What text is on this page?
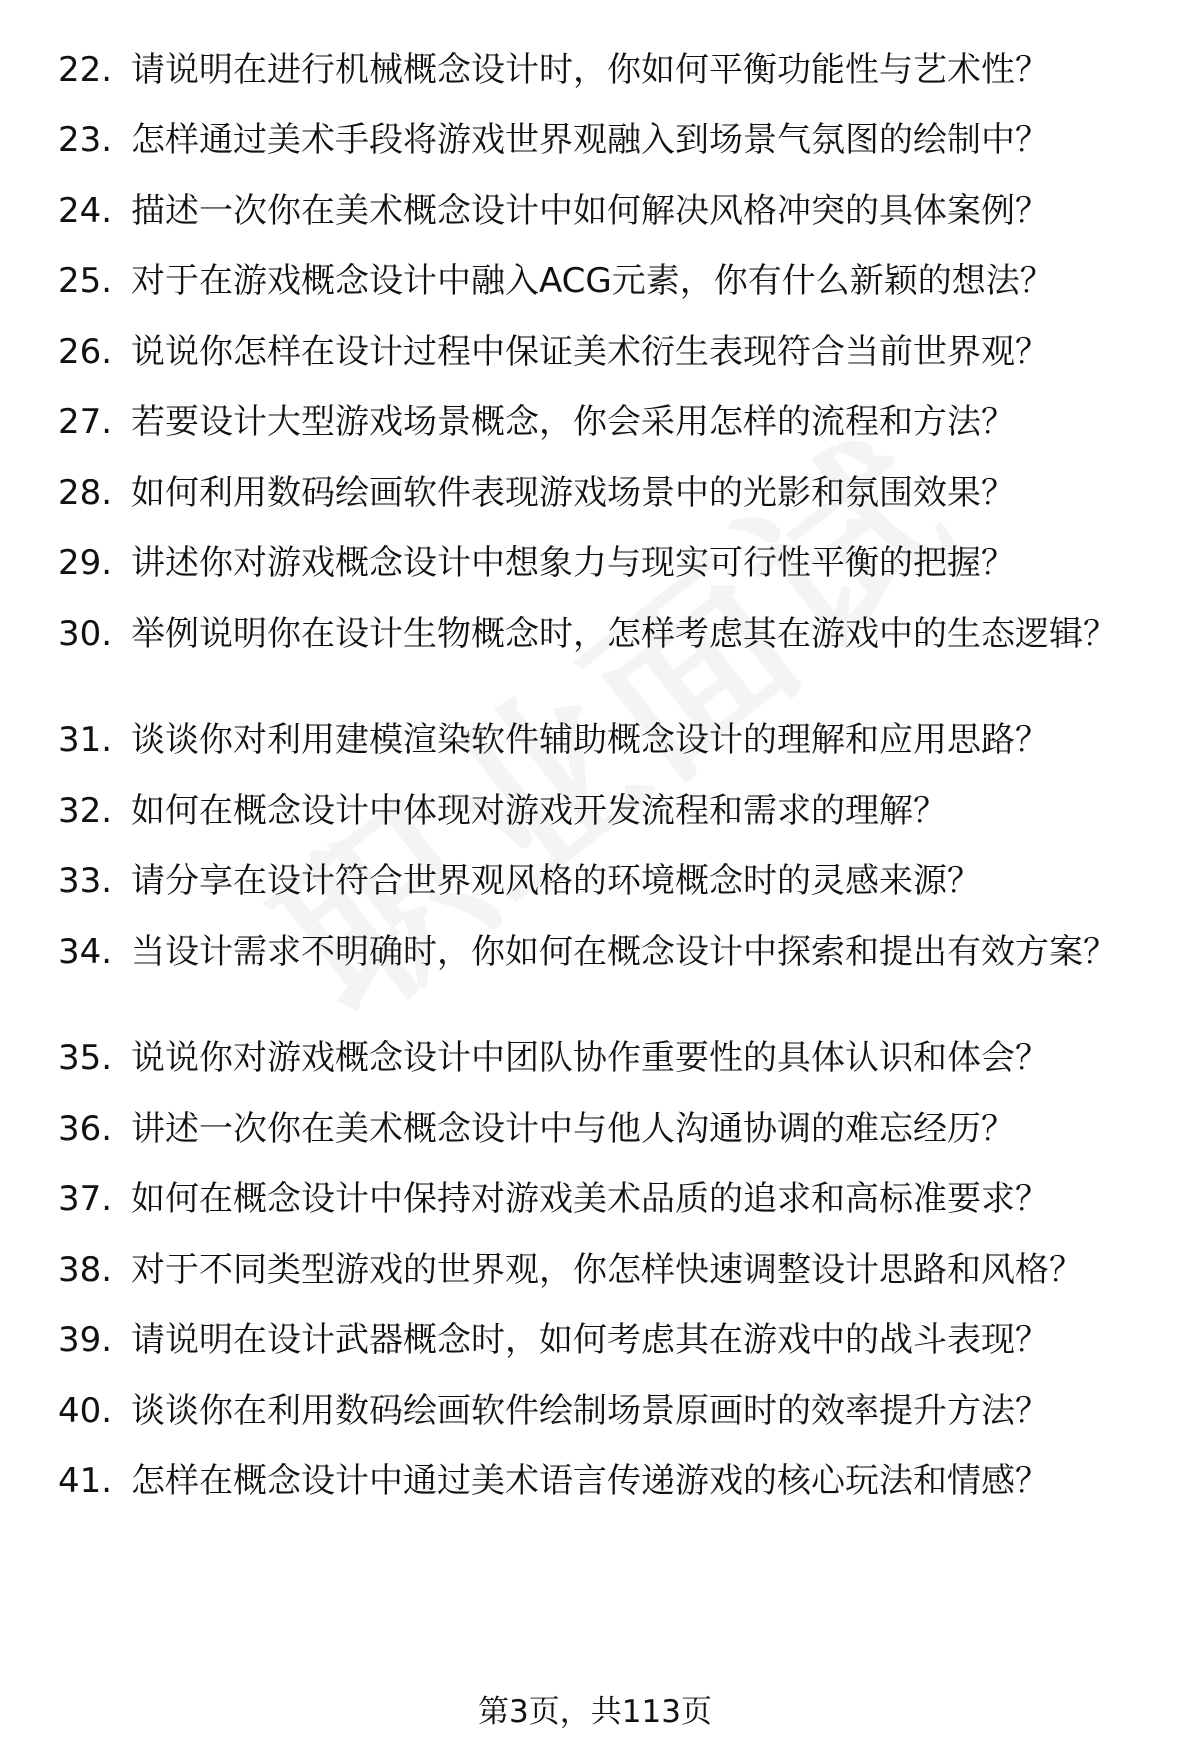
22. 请说明在进行机械概念设计时，你如何平衡功能性与艺术性？
23. 怎样通过美术手段将游戏世界观融入到场景气氛图的绘制中？
24. 描述一次你在美术概念设计中如何解决风格冲突的具体案例？
25. 对于在游戏概念设计中融入ACG元素，你有什么新颖的想法？
26. 说说你怎样在设计过程中保证美术衍生表现符合当前世界观？
27. 若要设计大型游戏场景概念，你会采用怎样的流程和方法？
28. 如何利用数码绘画软件表现游戏场景中的光影和氛围效果？
29. 讲述你对游戏概念设计中想象力与现实可行性平衡的把握？
30. 举例说明你在设计生物概念时，怎样考虑其在游戏中的生态逻辑？
31. 谈谈你对利用建模渲染软件辅助概念设计的理解和应用思路？
32. 如何在概念设计中体现对游戏开发流程和需求的理解？
33. 请分享在设计符合世界观风格的环境概念时的灵感来源？
34. 当设计需求不明确时，你如何在概念设计中探索和提出有效方案？
35. 说说你对游戏概念设计中团队协作重要性的具体认识和体会？
36. 讲述一次你在美术概念设计中与他人沟通协调的难忘经历？
37. 如何在概念设计中保持对游戏美术品质的追求和高标准要求？
38. 对于不同类型游戏的世界观，你怎样快速调整设计思路和风格？
39. 请说明在设计武器概念时，如何考虑其在游戏中的战斗表现？
40. 谈谈你在利用数码绘画软件绘制场景原画时的效率提升方法？
41. 怎样在概念设计中通过美术语言传递游戏的核心玩法和情感？
第3页，共113页
